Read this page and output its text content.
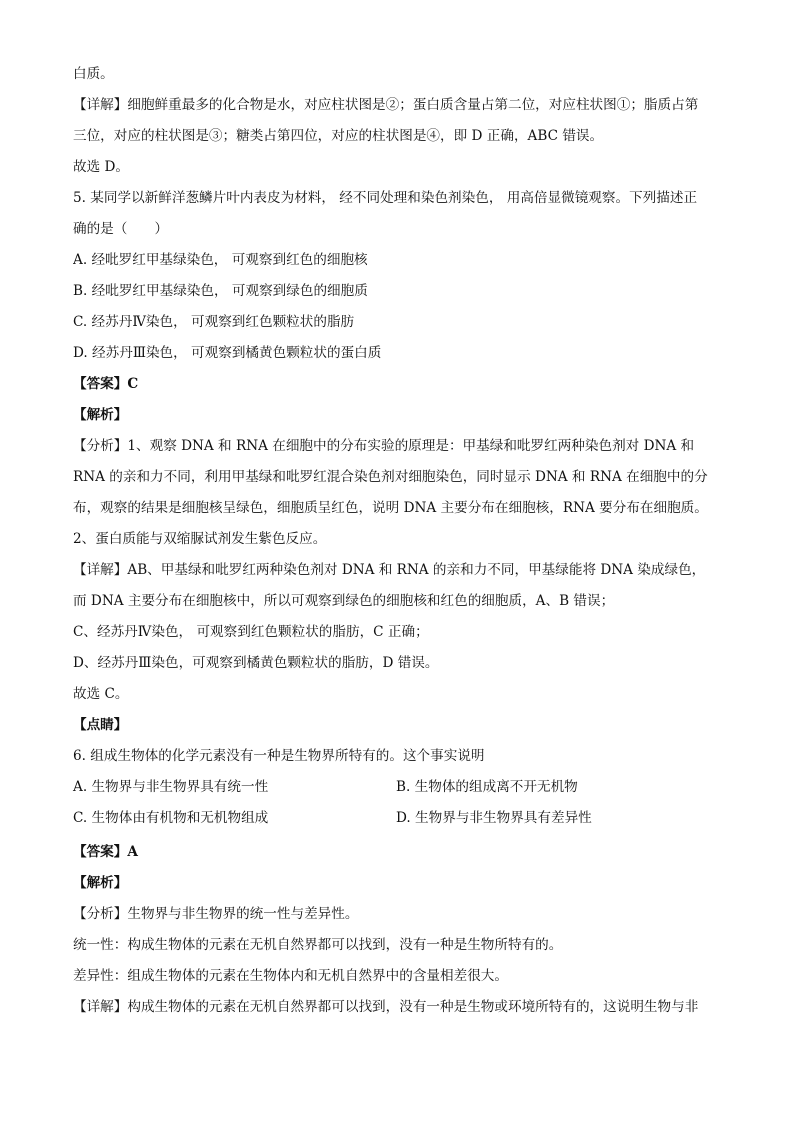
白质。
【详解】细胞鲜重最多的化合物是水，对应柱状图是②；蛋白质含量占第二位，对应柱状图①；脂质占第
三位，对应的柱状图是③；糖类占第四位，对应的柱状图是④，即 D 正确，ABC 错误。
故选 D。
5. 某同学以新鲜洋葱鳞片叶内表皮为材料， 经不同处理和染色剂染色， 用高倍显微镜观察。下列描述正
确的是（　　）
A. 经吡罗红甲基绿染色， 可观察到红色的细胞核
B. 经吡罗红甲基绿染色， 可观察到绿色的细胞质
C. 经苏丹Ⅳ染色， 可观察到红色颗粒状的脂肪
D. 经苏丹Ⅲ染色， 可观察到橘黄色颗粒状的蛋白质
【答案】C
【解析】
【分析】1、观察 DNA 和 RNA 在细胞中的分布实验的原理是：甲基绿和吡罗红两种染色剂对 DNA 和
RNA 的亲和力不同，利用甲基绿和吡罗红混合染色剂对细胞染色，同时显示 DNA 和 RNA 在细胞中的分
布，观察的结果是细胞核呈绿色，细胞质呈红色，说明 DNA 主要分布在细胞核，RNA 要分布在细胞质。
2、蛋白质能与双缩脲试剂发生紫色反应。
【详解】AB、甲基绿和吡罗红两种染色剂对 DNA 和 RNA 的亲和力不同，甲基绿能将 DNA 染成绿色，
而 DNA 主要分布在细胞核中，所以可观察到绿色的细胞核和红色的细胞质，A、B 错误；
C、经苏丹Ⅳ染色， 可观察到红色颗粒状的脂肪，C 正确；
D、经苏丹Ⅲ染色，可观察到橘黄色颗粒状的脂肪，D 错误。
故选 C。
【点睛】
6. 组成生物体的化学元素没有一种是生物界所特有的。这个事实说明
A. 生物界与非生物界具有统一性	B. 生物体的组成离不开无机物
C. 生物体由有机物和无机物组成	D. 生物界与非生物界具有差异性
【答案】A
【解析】
【分析】生物界与非生物界的统一性与差异性。
统一性：构成生物体的元素在无机自然界都可以找到，没有一种是生物所特有的。
差异性：组成生物体的元素在生物体内和无机自然界中的含量相差很大。
【详解】构成生物体的元素在无机自然界都可以找到，没有一种是生物或环境所特有的，这说明生物与非
